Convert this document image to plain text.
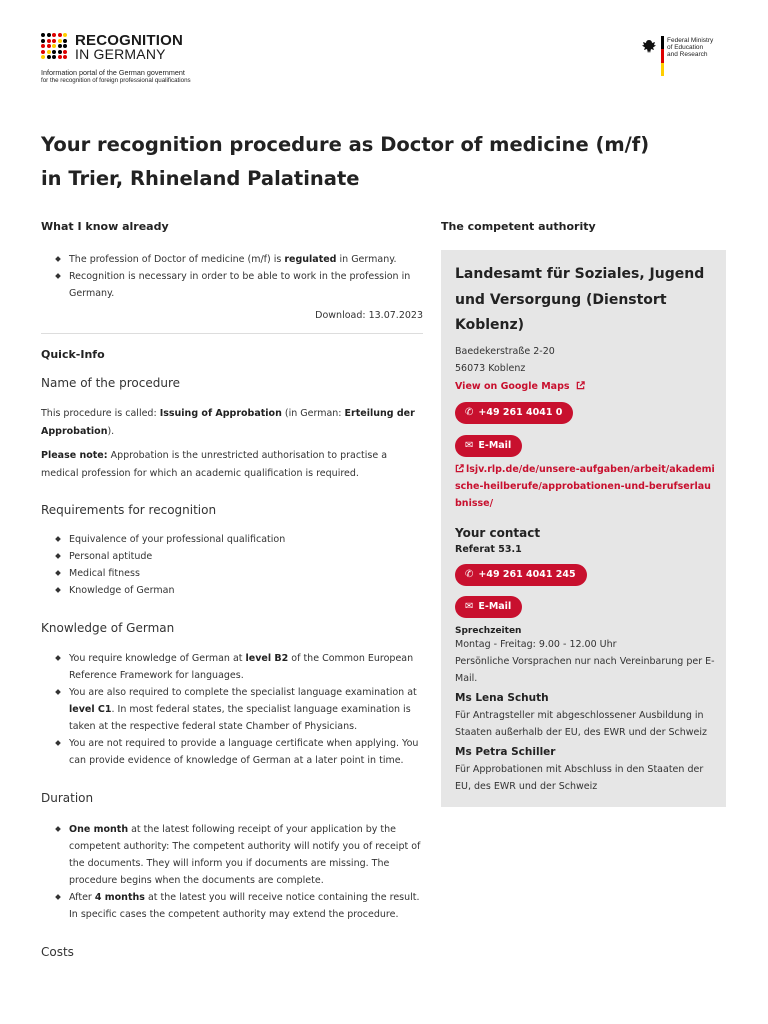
RECOGNITION
IN GERMANY
Information portal of the German government
for the recognition of foreign professional qualifications
Federal Ministry
of Education
and Research
Your recognition procedure as Doctor of medicine (m/f)
in Trier, Rhineland Palatinate
What I know already
The profession of Doctor of medicine (m/f) is regulated in Germany.
Recognition is necessary in order to be able to work in the profession in Germany.
Download: 13.07.2023
Quick-Info
Name of the procedure
This procedure is called: Issuing of Approbation (in German: Erteilung der Approbation).
Please note: Approbation is the unrestricted authorisation to practise a medical profession for which an academic qualification is required.
Requirements for recognition
Equivalence of your professional qualification
Personal aptitude
Medical fitness
Knowledge of German
Knowledge of German
You require knowledge of German at level B2 of the Common European Reference Framework for languages.
You are also required to complete the specialist language examination at level C1. In most federal states, the specialist language examination is taken at the respective federal state Chamber of Physicians.
You are not required to provide a language certificate when applying. You can provide evidence of knowledge of German at a later point in time.
Duration
One month at the latest following receipt of your application by the competent authority: The competent authority will notify you of receipt of the documents. They will inform you if documents are missing. The procedure begins when the documents are complete.
After 4 months at the latest you will receive notice containing the result. In specific cases the competent authority may extend the procedure.
Costs
The competent authority
Landesamt für Soziales, Jugend und Versorgung (Dienstort Koblenz)
Baedekerstraße 2-20
56073 Koblenz
View on Google Maps
✆ +49 261 4041 0
✉ E-Mail
lsjv.rlp.de/de/unsere-aufgaben/arbeit/akademische-heilberufe/approbationen-und-berufserlaubnisse/
Your contact
Referat 53.1
✆ +49 261 4041 245
✉ E-Mail
Sprechzeiten
Montag - Freitag: 9.00 - 12.00 Uhr
Persönliche Vorsprachen nur nach Vereinbarung per E-Mail.
Ms Lena Schuth
Für Antragsteller mit abgeschlossener Ausbildung in Staaten außerhalb der EU, des EWR und der Schweiz
Ms Petra Schiller
Für Approbationen mit Abschluss in den Staaten der EU, des EWR und der Schweiz
